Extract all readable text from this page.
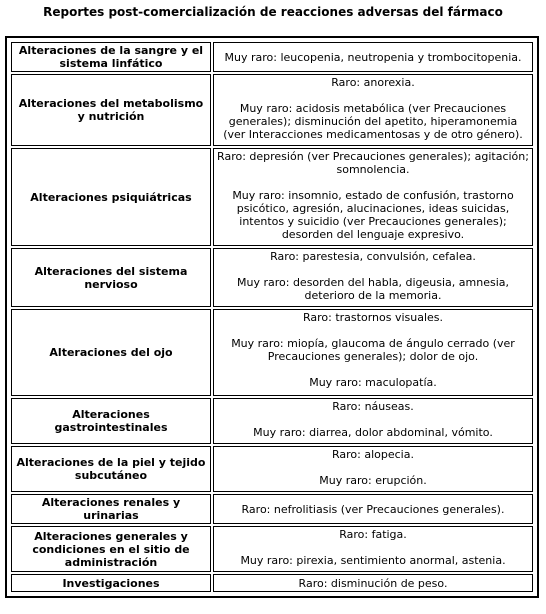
Reportes post-comercialización de reacciones adversas del fármaco
Alteraciones de la sangre y el sistema linfático	Muy raro: leucopenia, neutropenia y trombocitopenia.

Alteraciones del metabolismo y nutrición	Raro: anorexia.

Muy raro: acidosis metabólica (ver Precauciones generales); disminución del apetito, hiperamonemia (ver Interacciones medicamentosas y de otro género).

Alteraciones psiquiátricas	Raro: depresión (ver Precauciones generales); agitación; somnolencia.

Muy raro: insomnio, estado de confusión, trastorno psicótico, agresión, alucinaciones, ideas suicidas, intentos y suicidio (ver Precauciones generales); desorden del lenguaje expresivo.

Alteraciones del sistema nervioso	Raro: parestesia, convulsión, cefalea.

Muy raro: desorden del habla, digeusia, amnesia, deterioro de la memoria.

Alteraciones del ojo	Raro: trastornos visuales.

Muy raro: miopía, glaucoma de ángulo cerrado (ver Precauciones generales); dolor de ojo.

Muy raro: maculopatía.

Alteraciones gastrointestinales	Raro: náuseas.

Muy raro: diarrea, dolor abdominal, vómito.

Alteraciones de la piel y tejido subcutáneo	Raro: alopecia.

Muy raro: erupción.

Alteraciones renales y urinarias	Raro: nefrolitiasis (ver Precauciones generales).

Alteraciones generales y condiciones en el sitio de administración	Raro: fatiga.

Muy raro: pirexia, sentimiento anormal, astenia.

Investigaciones	Raro: disminución de peso.
